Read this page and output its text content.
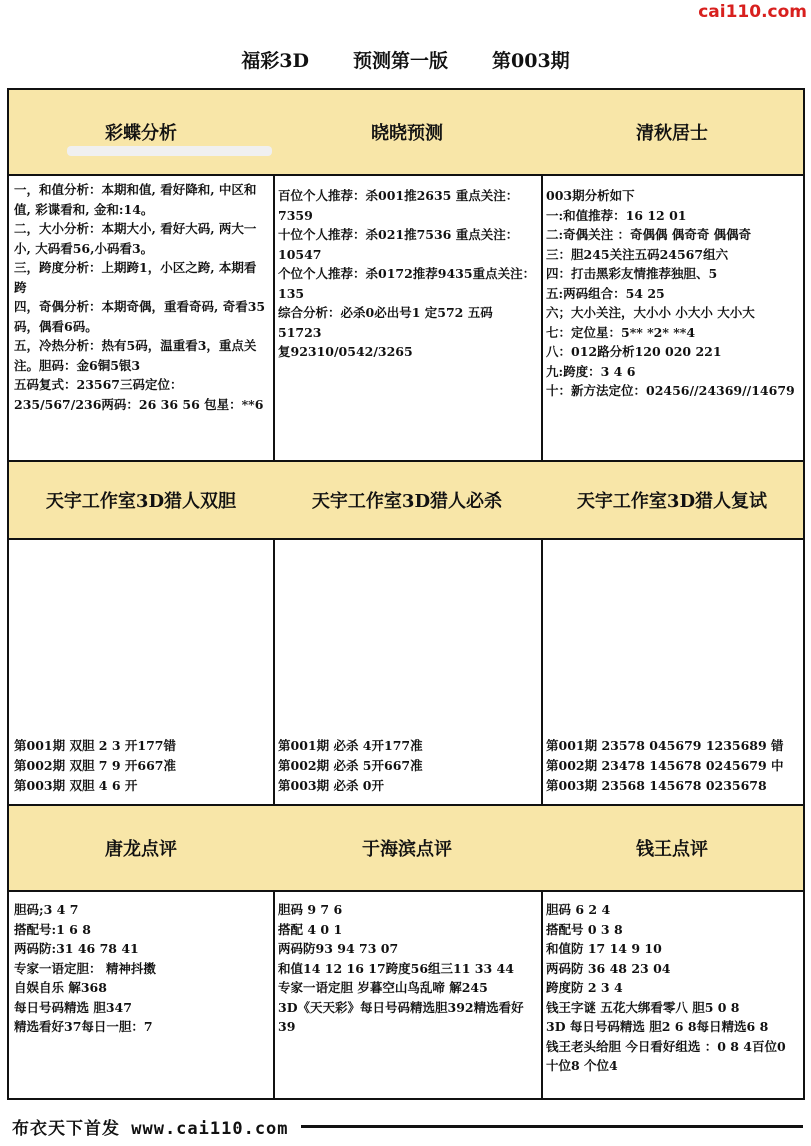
cai110.com
福彩3D 预测第一版 第003期
彩蝶分析
一，和值分析：本期和值, 看好降和, 中区和值, 彩谍看和, 金和:14。
二，大小分析：本期大小, 看好大码, 两大一小, 大码看56,小码看3。
三，跨度分析：上期跨1，小区之跨, 本期看跨
四，奇偶分析：本期奇偶，重看奇码, 奇看35码，偶看6码。
五，冷热分析：热有5码，温重看3，重点关注。胆码：金6铜5银3
五码复式：23567三码定位：235/567/236两码：26 36 56 包星：**6
天宇工作室3D猎人双胆
第001期 双胆 2 3 开177错
第002期 双胆 7 9 开667准
第003期 双胆 4 6 开
唐龙点评
胆码;3 4 7
搭配号:1 6 8
两码防:31 46 78 41
专家一语定胆： 精神抖擞
自娱自乐 解368
每日号码精选 胆347
精选看好37每日一胆：7
晓晓预测
百位个人推荐：杀001推2635 重点关注：7359
十位个人推荐：杀021推7536 重点关注：10547
个位个人推荐：杀0172推荐9435重点关注：135
综合分析：必杀0必出号1 定572 五码51723
复92310/0542/3265
天宇工作室3D猎人必杀
第001期 必杀 4开177准
第002期 必杀 5开667准
第003期 必杀 0开
于海滨点评
胆码 9 7 6
搭配 4 0 1
两码防93 94 73 07
和值14 12 16 17跨度56组三11 33 44
专家一语定胆 岁暮空山鸟乱啼 解245
3D《天天彩》每日号码精选胆392精选看好39
清秋居士
003期分析如下
一:和值推荐：16 12 01
二:奇偶关注 ：奇偶偶 偶奇奇 偶偶奇
三：胆245关注五码24567组六
四：打击黑彩友情推荐独胆、5
五:两码组合：54 25
六；大小关注，大小小 小大小 大小大
七：定位星：5** *2* **4
八：012路分析120 020 221
九:跨度：3 4 6
十：新方法定位：02456//24369//14679
天宇工作室3D猎人复试
第001期 23578 045679 1235689 错
第002期 23478 145678 0245679 中
第003期 23568 145678 0235678
钱王点评
胆码 6 2 4
搭配号 0 3 8
和值防 17 14 9 10
两码防 36 48 23 04
跨度防 2 3 4
钱王字谜 五花大绑看零八 胆5 0 8
3D 每日号码精选 胆2 6 8每日精选6 8
钱王老头给胆 今日看好组选 ：0 8 4百位0 十位8 个位4
布衣天下首发 www.cai110.com
